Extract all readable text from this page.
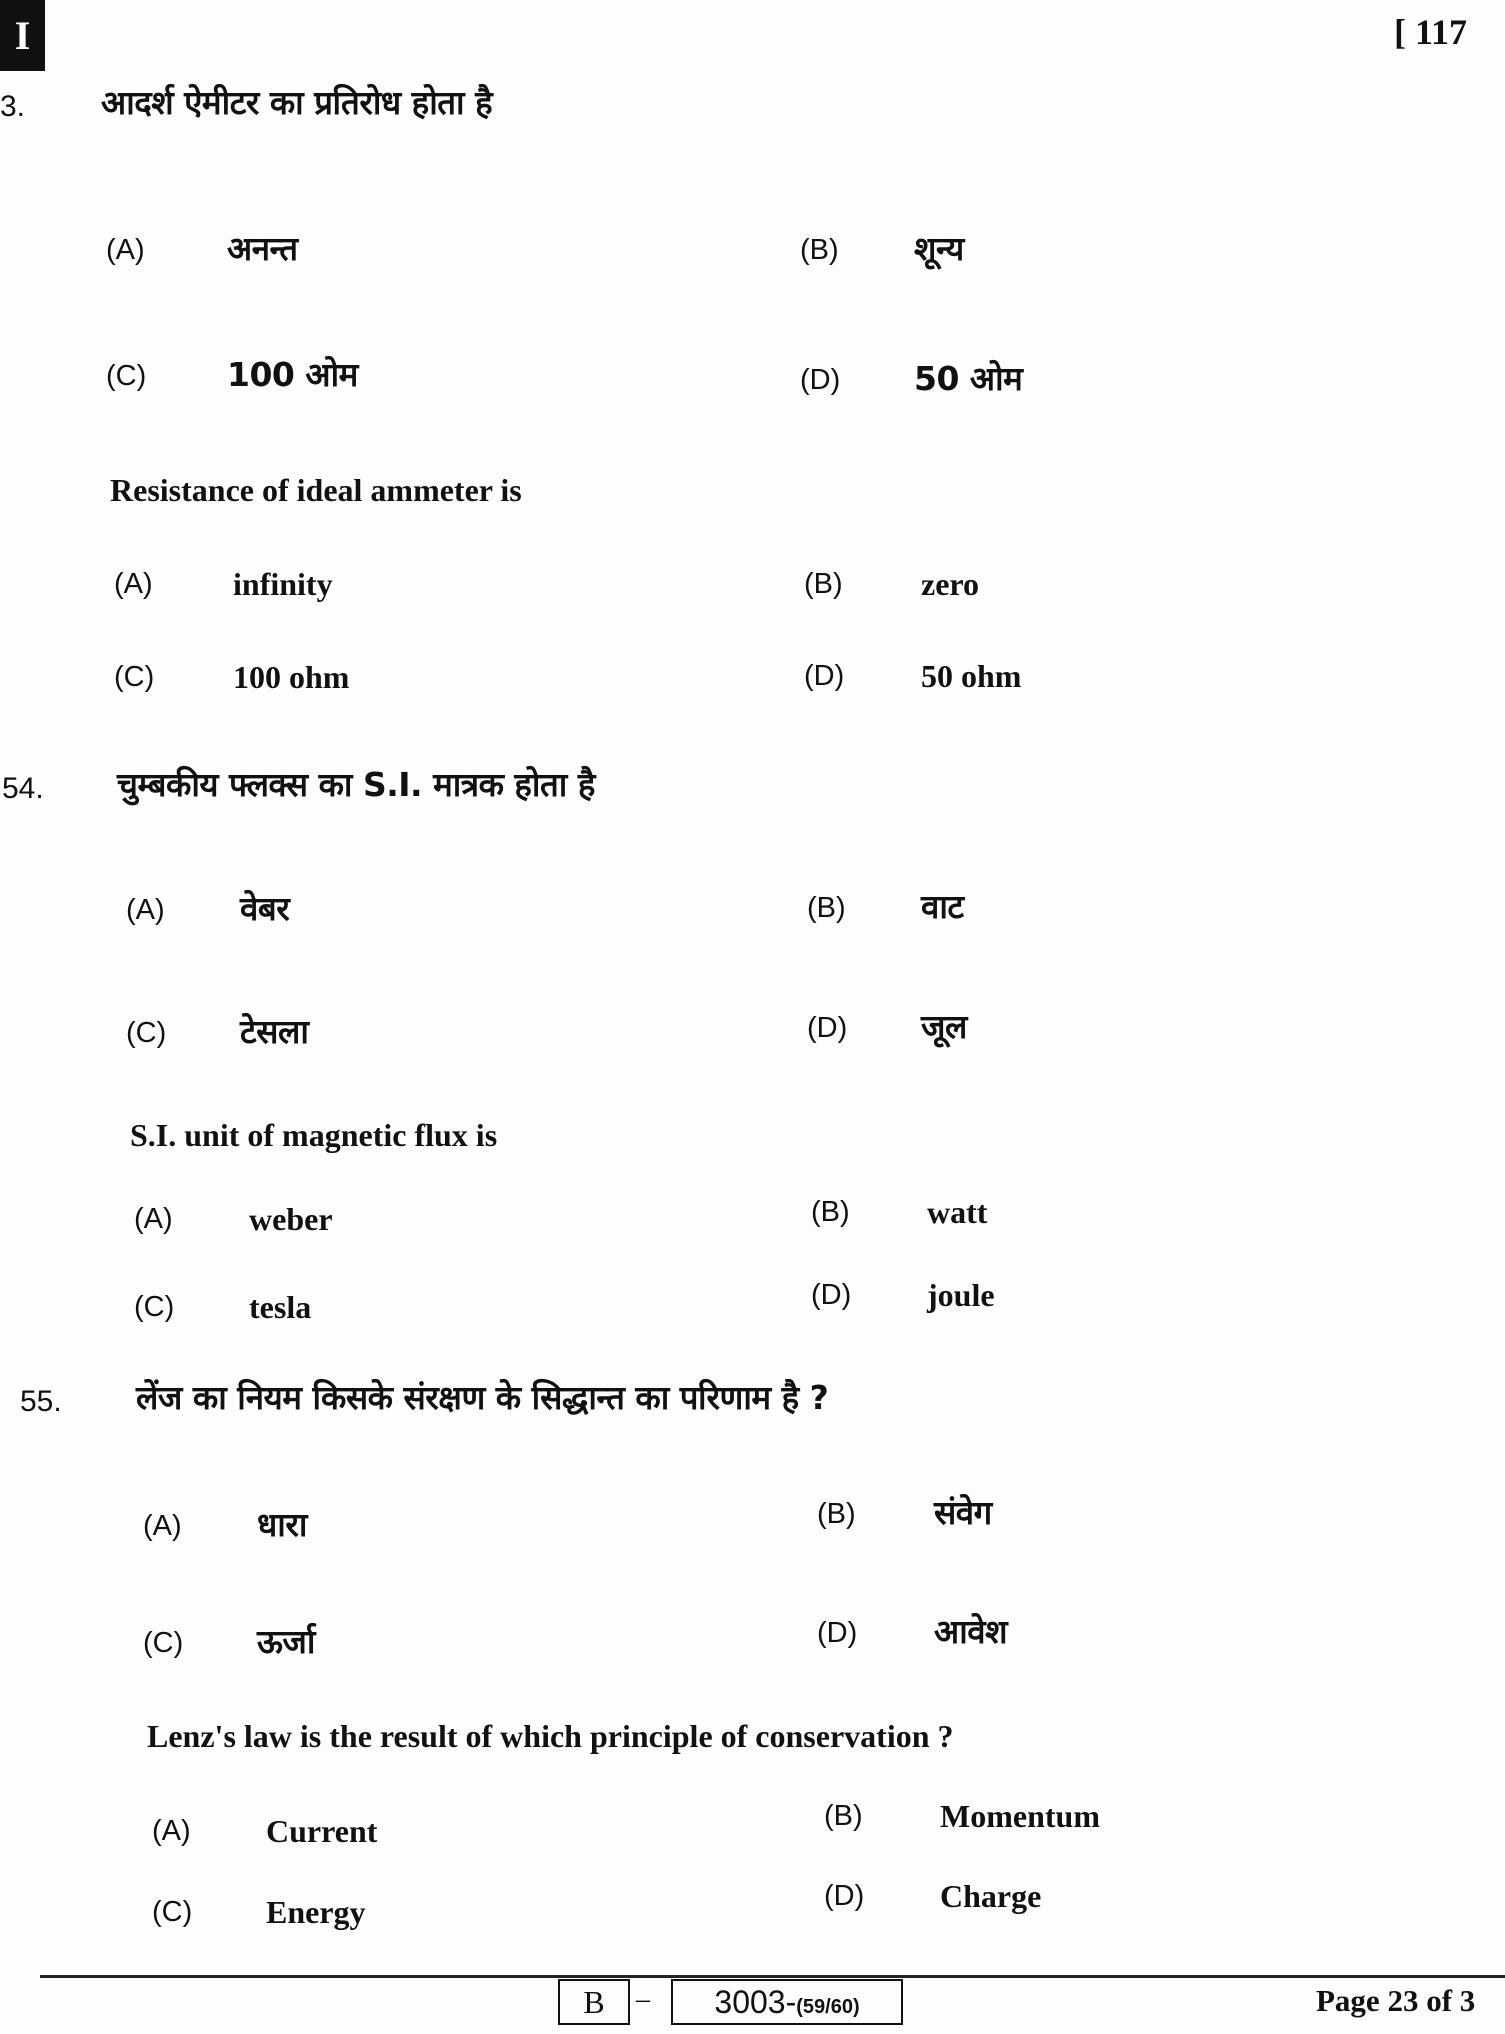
I	[ 117
3. आदर्श ऐमीटर का प्रतिरोध होता है
(A) अनन्त	(B) शून्य
(C) 100 ओम	(D) 50 ओम
Resistance of ideal ammeter is
(A)	infinity	(B) zero
(C) 100 ohm	(D) 50 ohm
54. चुम्बकीय फ्लक्स का S.I. मात्रक होता है
(A) वेबर	(B) वाट
(C) टेसला	(D) जूल
S.I. unit of magnetic flux is
(A) weber	(B) watt
(C) tesla	(D) joule
55. लेंज का नियम किसके संरक्षण के सिद्धान्त का परिणाम है ?
(A) धारा	(B) संवेग
(C) ऊर्जा	(D) आवेश
Lenz's law is the result of which principle of conservation ?
(A) Current	(B) Momentum
(C) Energy	(D) Charge
B	–	3003-(59/60)	Page 23 of 3
